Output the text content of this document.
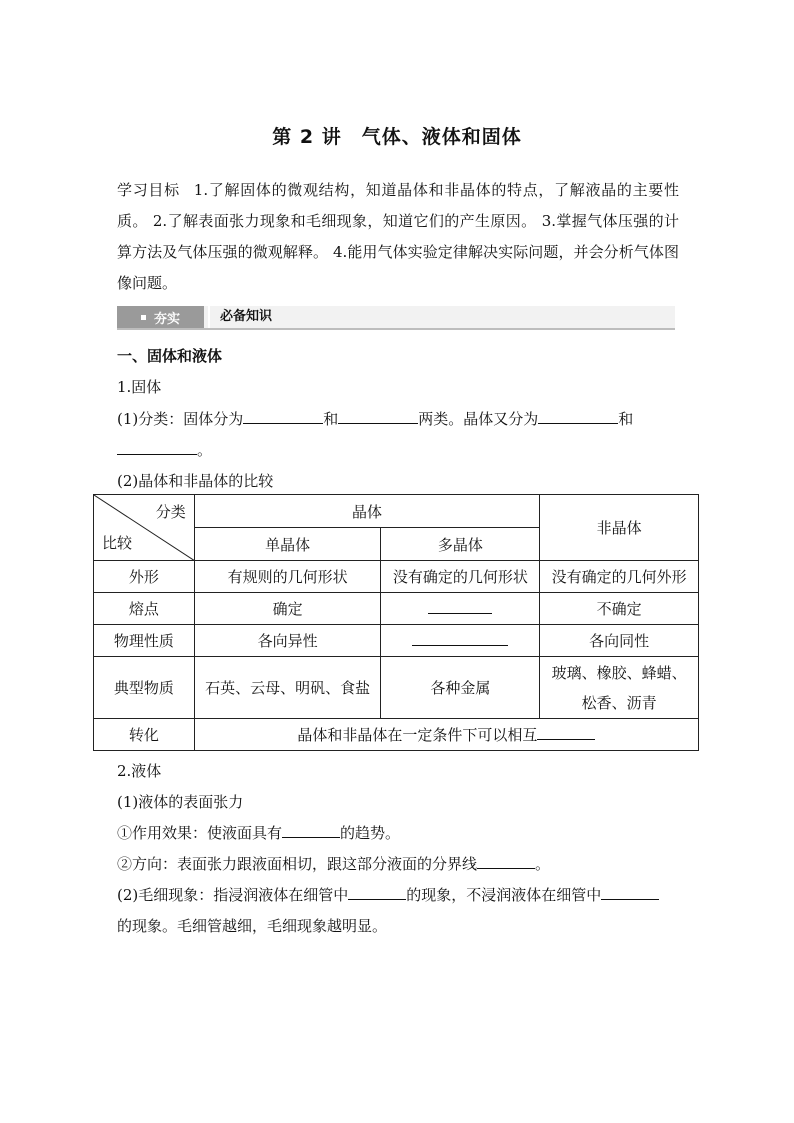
第 2 讲　气体、液体和固体
学习目标 1.了解固体的微观结构，知道晶体和非晶体的特点，了解液晶的主要性质。 2.了解表面张力现象和毛细现象，知道它们的产生原因。 3.掌握气体压强的计算方法及气体压强的微观解释。 4.能用气体实验定律解决实际问题，并会分析气体图像问题。
夯实	必备知识
一、固体和液体
1.固体
(1)分类：固体分为	和	两类。晶体又分为	和
。
(2)晶体和非晶体的比较
分类
比较	晶体		非晶体
	单晶体	多晶体	
外形	有规则的几何形状	没有确定的几何形状	没有确定的几何外形
熔点	确定		不确定
物理性质	各向异性		各向同性
典型物质	石英、云母、明矾、食盐	各种金属	玻璃、橡胶、蜂蜡、
松香、沥青

转化	晶体和非晶体在一定条件下可以相互		
2.液体
(1)液体的表面张力
①作用效果：使液面具有	的趋势。
②方向：表面张力跟液面相切，跟这部分液面的分界线	。
(2)毛细现象：指浸润液体在细管中	的现象，不浸润液体在细管中
的现象。毛细管越细，毛细现象越明显。
